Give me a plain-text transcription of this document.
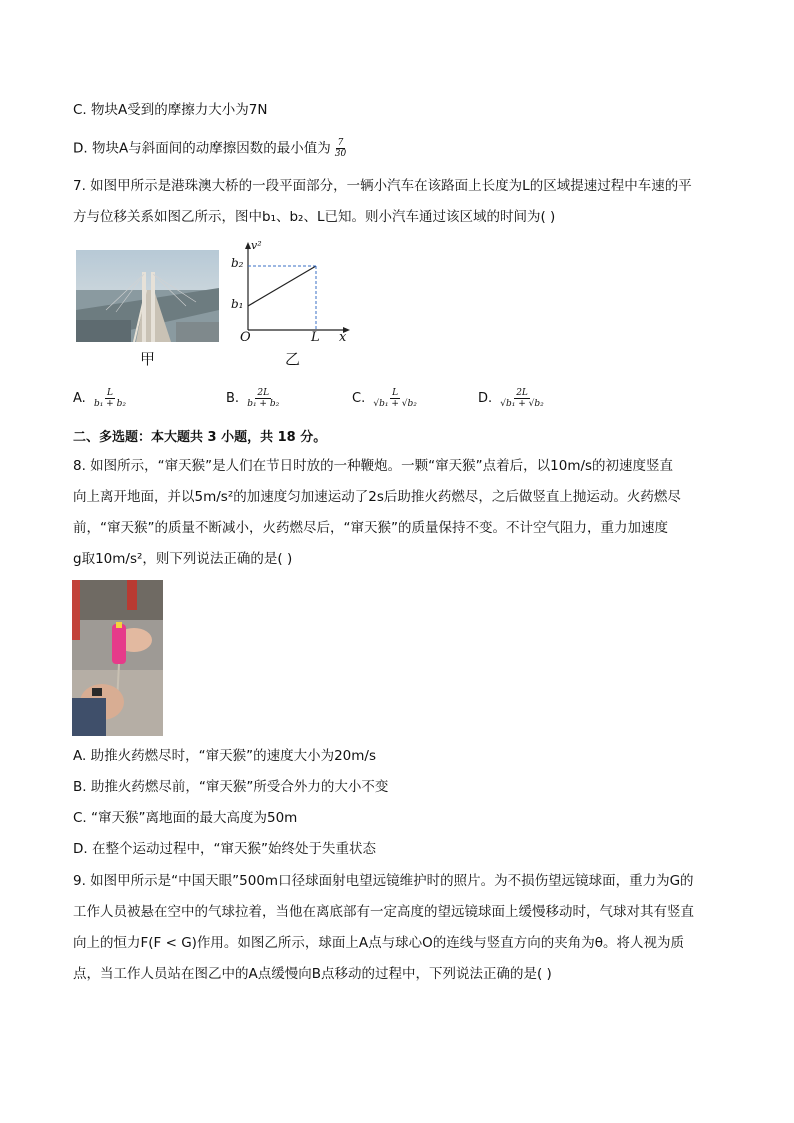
C. 物块A受到的摩擦力大小为7N
D. 物块A与斜面间的动摩擦因数的最小值为 $\frac{7}{30}$
7. 如图甲所示是港珠澳大桥的一段平面部分，一辆小汽车在该路面上长度为L的区域提速过程中车速的平
方与位移关系如图乙所示，图中b₁、b₂、L已知。则小汽车通过该区域的时间为( )
甲
v²
b₂
b₁
O	L x
乙
A. $\frac{L}{\text{b₁ + b₂}}$	B. $\frac{2L}{\text{b₁ + b₂}}$	C. $\frac{L}{\text{√b₁ + √b₂}}$	D. $\frac{2L}{\text{√b₁ + √b₂}}$
二、多选题：本大题共 3 小题，共 18 分。
8. 如图所示，“窜天猴”是人们在节日时放的一种鞭炮。一颗“窜天猴”点着后，以10m/s的初速度竖直
向上离开地面，并以5m/s²的加速度匀加速运动了2s后助推火药燃尽，之后做竖直上抛运动。火药燃尽
前，“窜天猴”的质量不断减小，火药燃尽后，“窜天猴”的质量保持不变。不计空气阻力，重力加速度
g取10m/s²，则下列说法正确的是( )
A. 助推火药燃尽时，“窜天猴”的速度大小为20m/s
B. 助推火药燃尽前，“窜天猴”所受合外力的大小不变
C. “窜天猴”离地面的最大高度为50m
D. 在整个运动过程中，“窜天猴”始终处于失重状态
9. 如图甲所示是“中国天眼”500m口径球面射电望远镜维护时的照片。为不损伤望远镜球面，重力为G的
工作人员被悬在空中的气球拉着，当他在离底部有一定高度的望远镜球面上缓慢移动时，气球对其有竖直
向上的恒力F(F < G)作用。如图乙所示，球面上A点与球心O的连线与竖直方向的夹角为θ。将人视为质
点，当工作人员站在图乙中的A点缓慢向B点移动的过程中，下列说法正确的是( )
